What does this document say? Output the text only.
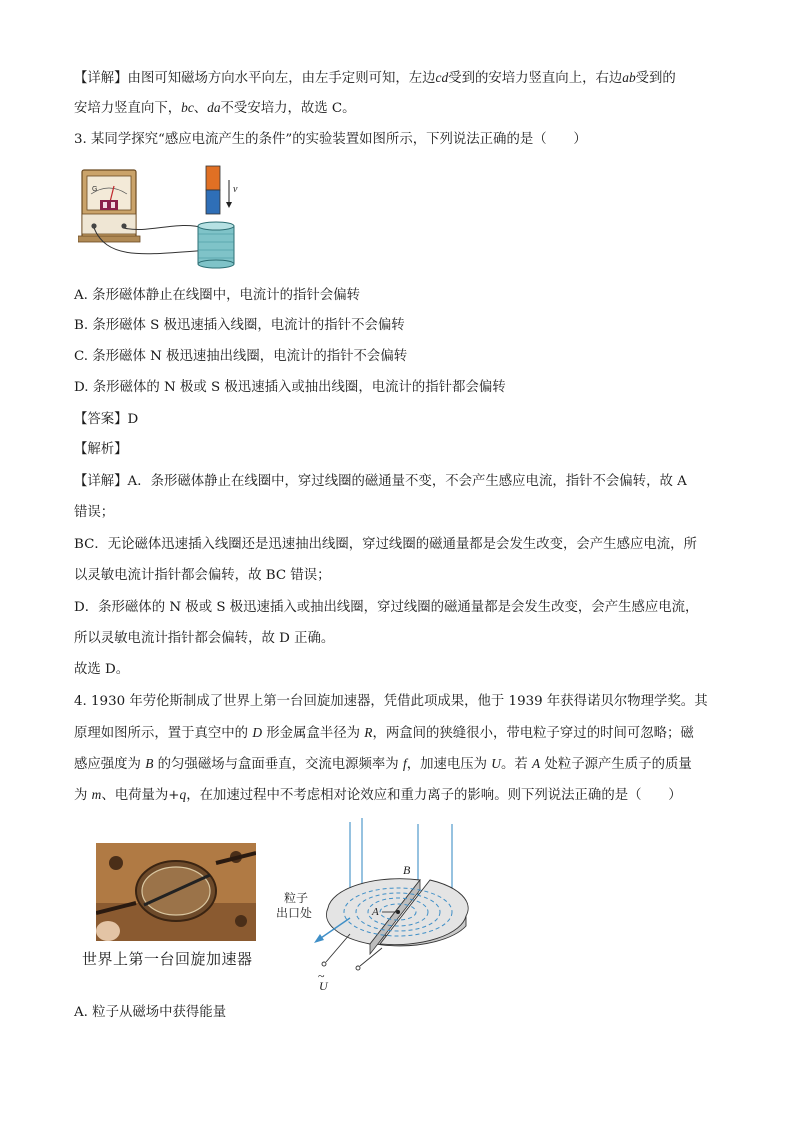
【详解】由图可知磁场方向水平向左，由左手定则可知，左边cd受到的安培力竖直向上，右边ab受到的
安培力竖直向下，bc、da不受安培力，故选 C。
3. 某同学探究“感应电流产生的条件”的实验装置如图所示，下列说法正确的是（　　）
A. 条形磁体静止在线圈中，电流计的指针会偏转
B. 条形磁体 S 极迅速插入线圈，电流计的指针不会偏转
C. 条形磁体 N 极迅速抽出线圈，电流计的指针不会偏转
D. 条形磁体的 N 极或 S 极迅速插入或抽出线圈，电流计的指针都会偏转
【答案】D
【解析】
【详解】A．条形磁体静止在线圈中，穿过线圈的磁通量不变，不会产生感应电流，指针不会偏转，故 A
错误；
BC．无论磁体迅速插入线圈还是迅速抽出线圈，穿过线圈的磁通量都是会发生改变，会产生感应电流，所
以灵敏电流计指针都会偏转，故 BC 错误；
D．条形磁体的 N 极或 S 极迅速插入或抽出线圈，穿过线圈的磁通量都是会发生改变，会产生感应电流，
所以灵敏电流计指针都会偏转，故 D 正确。
故选 D。
4. 1930 年劳伦斯制成了世界上第一台回旋加速器，凭借此项成果，他于 1939 年获得诺贝尔物理学奖。其
原理如图所示，置于真空中的 D 形金属盒半径为 R，两盒间的狭缝很小，带电粒子穿过的时间可忽略；磁
感应强度为 B 的匀强磁场与盒面垂直，交流电源频率为 f，加速电压为 U。若 A 处粒子源产生质子的质量
为 m、电荷量为+q，在加速过程中不考虑相对论效应和重力离子的影响。则下列说法正确的是（　　）
A. 粒子从磁场中获得能量
G	v
世界上第一台回旋加速器
A
B
粒子
出口处
~
U
